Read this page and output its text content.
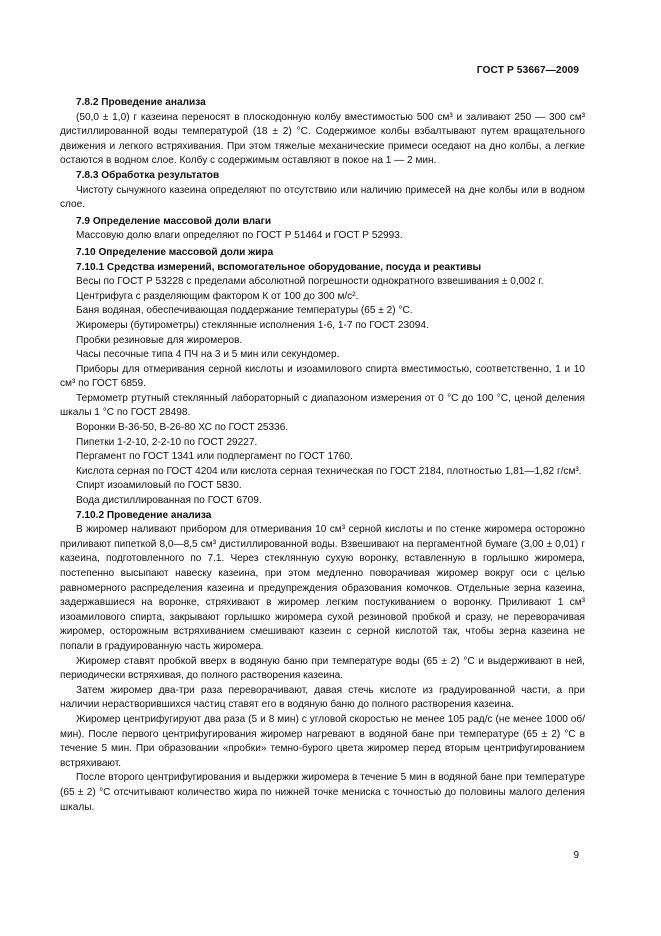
ГОСТ Р 53667—2009

7.8.2 Проведение анализа

(50,0 ± 1,0) г казеина переносят в плоскодонную колбу вместимостью 500 см³ и заливают 250 — 300 см³ дистиллированной воды температурой (18 ± 2) °С. Содержимое колбы взбалтывают путем вращательного движения и легкого встряхивания. При этом тяжелые механические примеси оседают на дно колбы, а легкие остаются в водном слое. Колбу с содержимым оставляют в покое на 1 — 2 мин.

7.8.3 Обработка результатов

Чистоту сычужного казеина определяют по отсутствию или наличию примесей на дне колбы или в водном слое.

7.9 Определение массовой доли влаги

Массовую долю влаги определяют по ГОСТ Р 51464 и ГОСТ Р 52993.

7.10 Определение массовой доли жира

7.10.1 Средства измерений, вспомогательное оборудование, посуда и реактивы

Весы по ГОСТ Р 53228 с пределами абсолютной погрешности однократного взвешивания ± 0,002 г.

Центрифуга с разделяющим фактором К от 100 до 300 м/с².

Баня водяная, обеспечивающая поддержание температуры (65 ± 2) °С.

Жиромеры (бутирометры) стеклянные исполнения 1-6, 1-7 по ГОСТ 23094.

Пробки резиновые для жиромеров.

Часы песочные типа 4 ПЧ на 3 и 5 мин или секундомер.

Приборы для отмеривания серной кислоты и изоамилового спирта вместимостью, соответственно, 1 и 10 см³ по ГОСТ 6859.

Термометр ртутный стеклянный лабораторный с диапазоном измерения от 0 °С до 100 °С, ценой деления шкалы 1 °С по ГОСТ 28498.

Воронки В-36-50, В-26-80 ХС по ГОСТ 25336.

Пипетки 1-2-10, 2-2-10 по ГОСТ 29227.

Пергамент по ГОСТ 1341 или подпергамент по ГОСТ 1760.

Кислота серная по ГОСТ 4204 или кислота серная техническая по ГОСТ 2184, плотностью 1,81—1,82 г/см³.

Спирт изоамиловый по ГОСТ 5830.

Вода дистиллированная по ГОСТ 6709.

7.10.2 Проведение анализа

В жиромер наливают прибором для отмеривания 10 см³ серной кислоты и по стенке жиромера осторожно приливают пипеткой 8,0—8,5 см³ дистиллированной воды. Взвешивают на пергаментной бумаге (3,00 ± 0,01) г казеина, подготовленного по 7.1. Через стеклянную сухую воронку, вставленную в горлышко жиромера, постепенно высыпают навеску казеина, при этом медленно поворачивая жиромер вокруг оси с целью равномерного распределения казеина и предупреждения образования комочков. Отдельные зерна казеина, задержавшиеся на воронке, стряхивают в жиромер легким постукиванием о воронку. Приливают 1 см³ изоамилового спирта, закрывают горлышко жиромера сухой резиновой пробкой и сразу, не переворачивая жиромер, осторожным встряхиванием смешивают казеин с серной кислотой так, чтобы зерна казеина не попали в градуированную часть жиромера.

Жиромер ставят пробкой вверх в водяную баню при температуре воды (65 ± 2) °С и выдерживают в ней, периодически встряхивая, до полного растворения казеина.

Затем жиромер два-три раза переворачивают, давая стечь кислоте из градуированной части, а при наличии нерастворившихся частиц ставят его в водяную баню до полного растворения казеина.

Жиромер центрифугируют два раза (5 и 8 мин) с угловой скоростью не менее 105 рад/с (не менее 1000 об/мин). После первого центрифугирования жиромер нагревают в водяной бане при температуре (65 ± 2) °С в течение 5 мин. При образовании «пробки» темно-бурого цвета жиромер перед вторым центрифугированием встряхивают.

После второго центрифугирования и выдержки жиромера в течение 5 мин в водяной бане при температуре (65 ± 2) °С отсчитывают количество жира по нижней точке мениска с точностью до половины малого деления шкалы.

9
